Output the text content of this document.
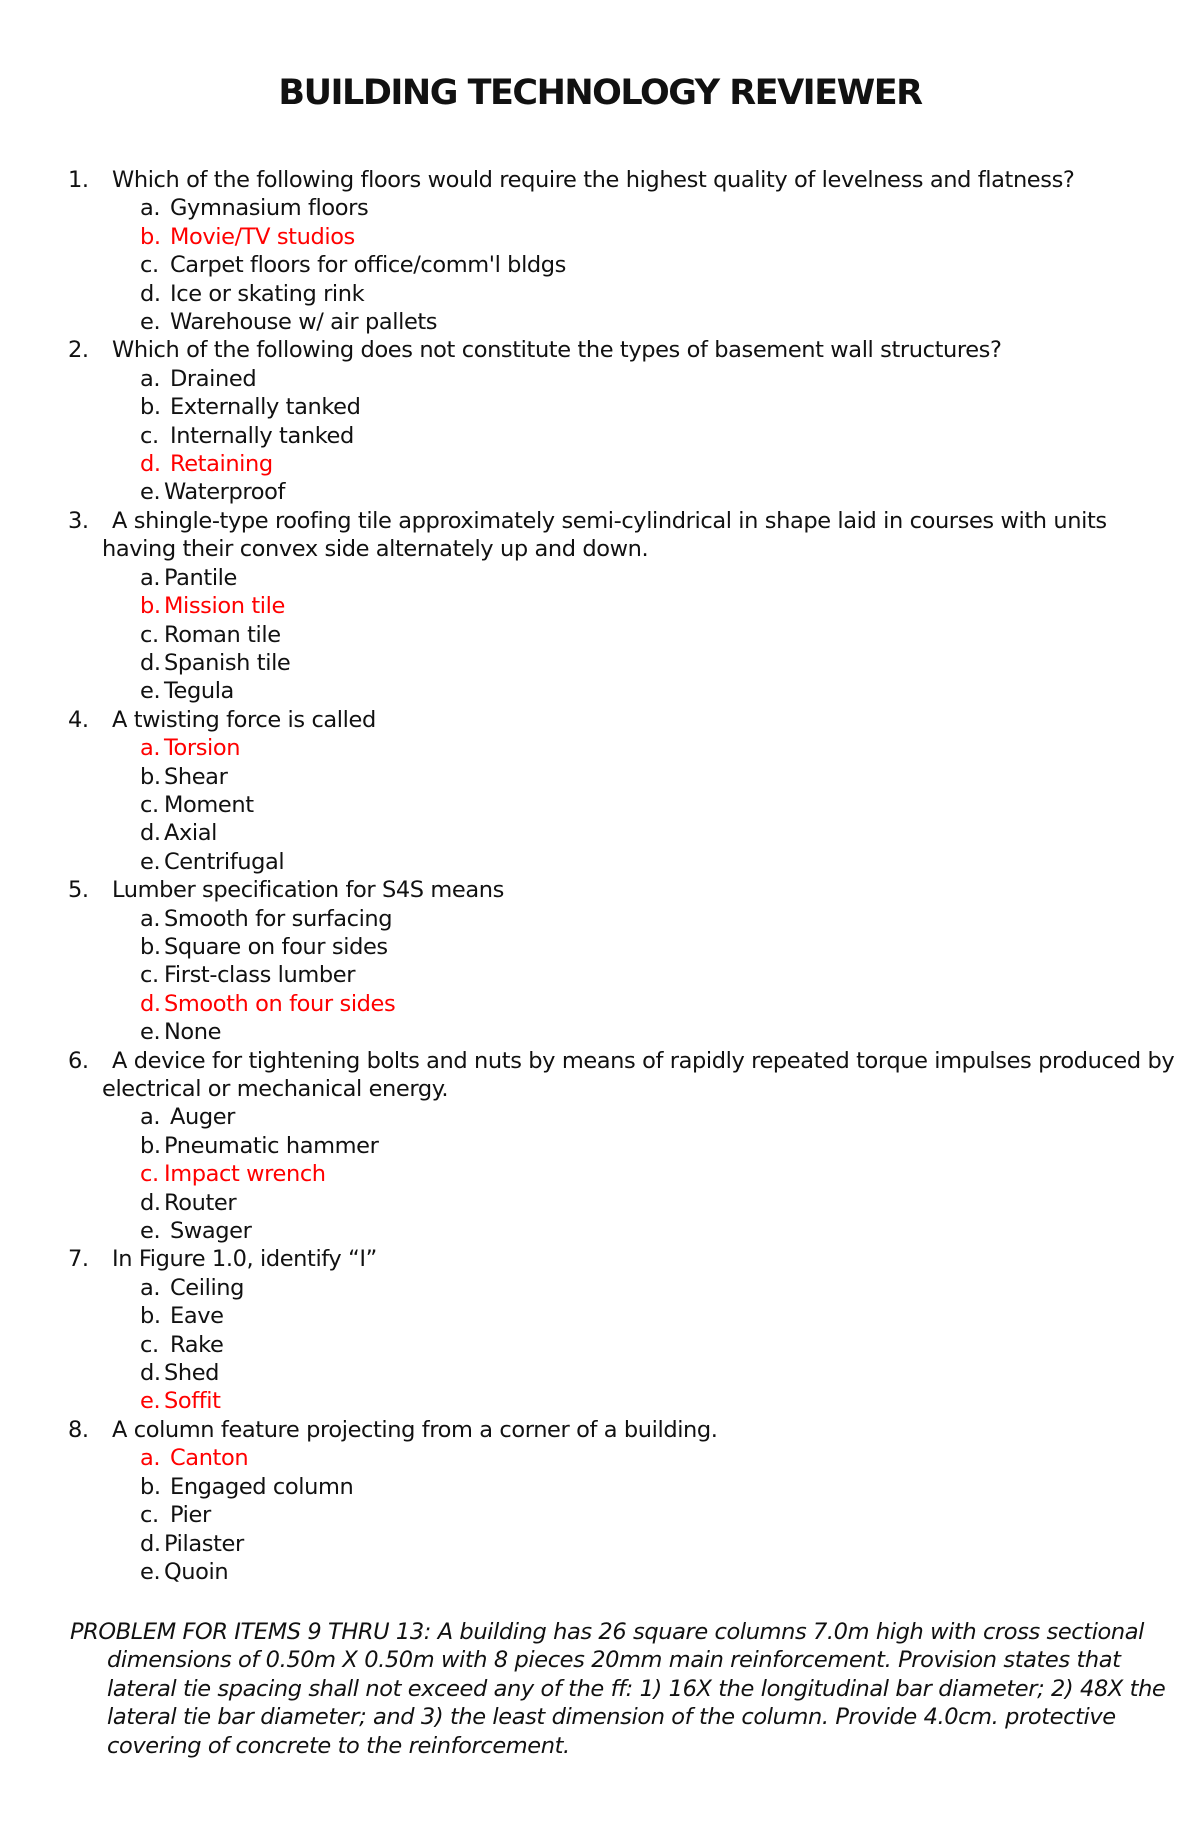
BUILDING TECHNOLOGY REVIEWER
1. Which of the following floors would require the highest quality of levelness and flatness?
a. Gymnasium floors
b. Movie/TV studios
c. Carpet floors for office/comm'l bldgs
d. Ice or skating rink
e. Warehouse w/ air pallets
2. Which of the following does not constitute the types of basement wall structures?
a. Drained
b. Externally tanked
c. Internally tanked
d. Retaining
e. Waterproof
3. A shingle-type roofing tile approximately semi-cylindrical in shape laid in courses with units
having their convex side alternately up and down.
a. Pantile
b. Mission tile
c. Roman tile
d. Spanish tile
e. Tegula
4. A twisting force is called
a. Torsion
b. Shear
c. Moment
d. Axial
e. Centrifugal
5. Lumber specification for S4S means
a. Smooth for surfacing
b. Square on four sides
c. First-class lumber
d. Smooth on four sides
e. None
6. A device for tightening bolts and nuts by means of rapidly repeated torque impulses produced by
electrical or mechanical energy.
a. Auger
b. Pneumatic hammer
c. Impact wrench
d. Router
e. Swager
7. In Figure 1.0, identify “I”
a. Ceiling
b. Eave
c. Rake
d. Shed
e. Soffit
8. A column feature projecting from a corner of a building.
a. Canton
b. Engaged column
c. Pier
d. Pilaster
e. Quoin
PROBLEM FOR ITEMS 9 THRU 13: A building has 26 square columns 7.0m high with cross sectional
dimensions of 0.50m X 0.50m with 8 pieces 20mm main reinforcement. Provision states that
lateral tie spacing shall not exceed any of the ff: 1) 16X the longitudinal bar diameter; 2) 48X the
lateral tie bar diameter; and 3) the least dimension of the column. Provide 4.0cm. protective
covering of concrete to the reinforcement.
